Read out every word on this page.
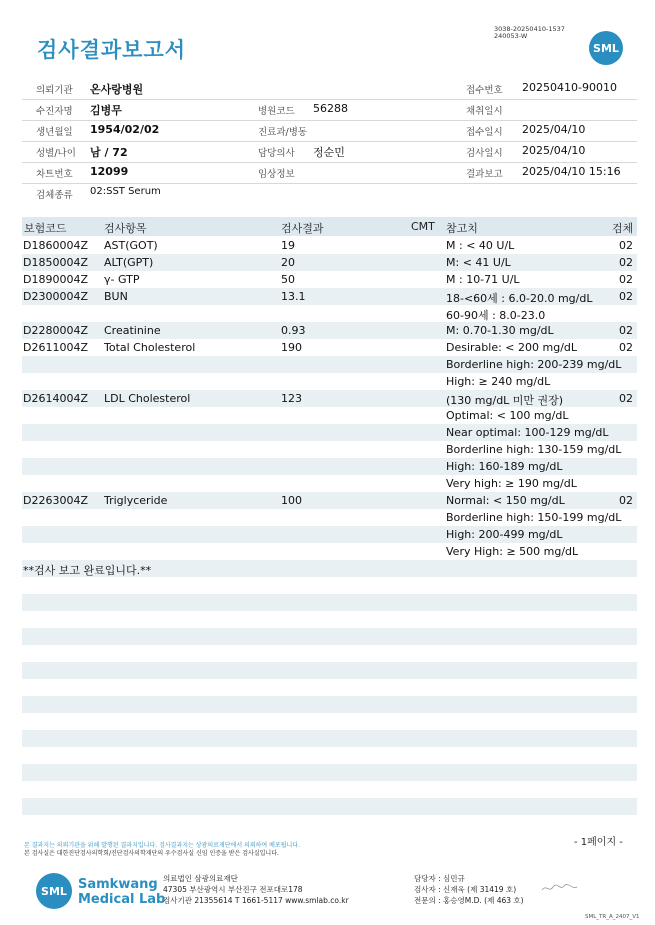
검사결과보고서
3038-20250410-1537
240053-W
SML
의뢰기관 온사랑병원	접수번호 20250410-90010
수진자명 김병무	병원코드 56288	채취일시
생년월일 1954/02/02	진료과/병동	접수일시 2025/04/10
성별/나이 남 / 72	담당의사 정순민	검사일시 2025/04/10
차트번호 12099	임상정보	결과보고 2025/04/10 15:16
검체종류 02:SST Serum
보험코드	검사항목	검사결과	CMT 참고치	검체
D1860004Z AST(GOT)	19	M : < 40 U/L	02
D1850004Z ALT(GPT)	20	M: < 41 U/L	02
D1890004Z γ- GTP	50	M : 10-71 U/L	02
D2300004Z BUN	13.1	18-<60세 : 6.0-20.0 mg/dL 02
60-90세 : 8.0-23.0
D2280004Z Creatinine	0.93	M: 0.70-1.30 mg/dL	02
D2611004Z Total Cholesterol	190	Desirable: < 200 mg/dL	02
Borderline high: 200-239 mg/dL
High: ≥ 240 mg/dL
D2614004Z LDL Cholesterol	123	(130 mg/dL 미만 권장)	02
Optimal: < 100 mg/dL
Near optimal: 100-129 mg/dL
Borderline high: 130-159 mg/dL
High: 160-189 mg/dL
Very high: ≥ 190 mg/dL
D2263004Z Triglyceride	100	Normal: < 150 mg/dL	02
Borderline high: 150-199 mg/dL
High: 200-499 mg/dL
Very High: ≥ 500 mg/dL
**검사 보고 완료입니다.**
- 1페이지 -
본 결과지는 의뢰기관을 위해 발행된 결과지입니다. 검사결과지는 상광의료재단에서 의뢰하여 배포됩니다.
본 검사실은 대한진단검사의학회/진단검사의학재단의 우수검사실 신임 인증을 받은 검사실입니다.
SML Samkwang
Medical Lab
의료법인 삼광의료재단
47305 부산광역시 부산진구 전포대로178
검사기관 21355614 T 1661-5117 www.smlab.co.kr
담당자 : 심민규
검사자 : 신재욱 (제 31419 호)
전문의 : 홍승영M.D. (제 463 호)
SML_TR_A_2407_V1
